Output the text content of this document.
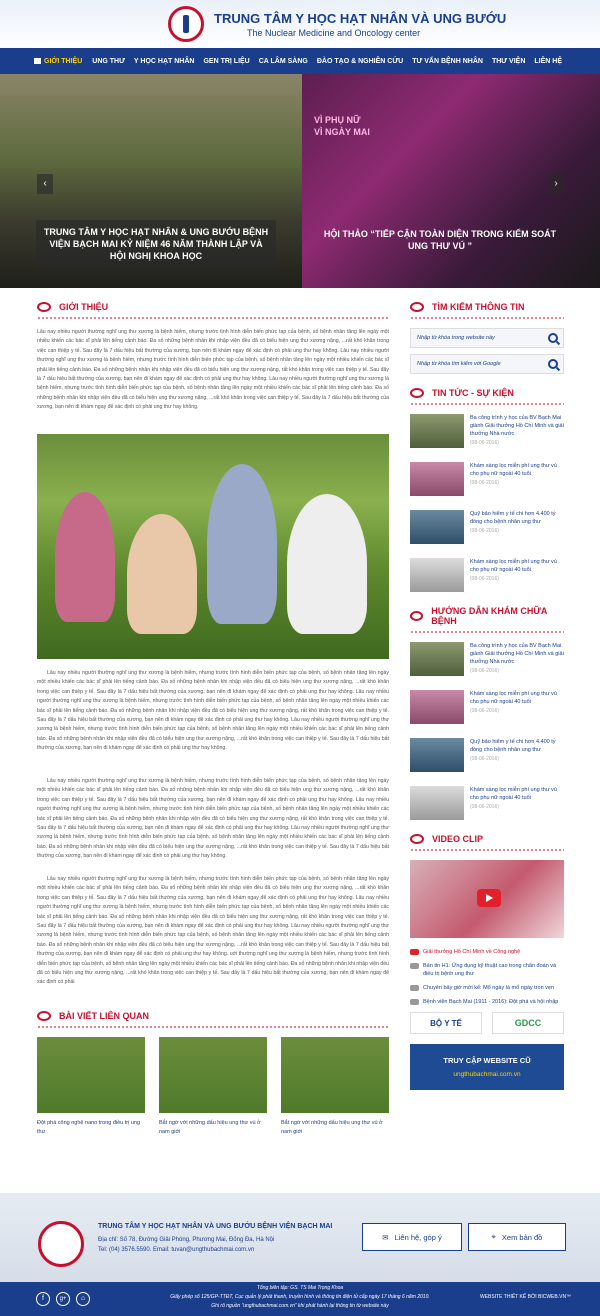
TRUNG TÂM Y HỌC HẠT NHÂN VÀ UNG BƯỚU
The Nuclear Medicine and Oncology center
GIỚI THIỆU UNG THƯ Y HỌC HẠT NHÂN GEN TRỊ LIỆU CA LÂM SÀNG ĐÀO TẠO & NGHIÊN CỨU TƯ VẤN BỆNH NHÂN THƯ VIỆN LIÊN HỆ
TRUNG TÂM Y HỌC HẠT NHÂN & UNG BƯỚU BỆNH VIỆN BẠCH MAI KỶ NIỆM 46 NĂM THÀNH LẬP VÀ HỘI NGHỊ KHOA HỌC
VÌ PHỤ NỮ VÌ NGÀY MAI
HỘI THẢO “TIẾP CẬN TOÀN DIỆN TRONG KIỂM SOÁT UNG THƯ VÚ ”
‹	›
GIỚI THIỆU

Lâu nay nhiều người thường nghĩ ung thư xương là bệnh hiếm, nhưng trước tình hình diễn biến phức tạp của bệnh, số bệnh nhân tăng lên ngày một nhiều khiến các bác sĩ phải lên tiếng cảnh báo. Đa số những bệnh nhân khi nhập viện đều đã có biểu hiện ung thư xương nặng, ...rất khó khăn trong việc can thiệp y tế. Sau đây là 7 dấu hiệu bất thường của xương, bạn nên đi khám ngay để xác định có phải ung thư hay không. Lâu nay nhiều người thường nghĩ ung thư xương là bệnh hiếm, nhưng trước tình hình diễn biến phức tạp của bệnh, số bệnh nhân tăng lên ngày một nhiều khiến các bác sĩ phải lên tiếng cảnh báo. Đa số những bệnh nhân khi nhập viện đều đã có biểu hiện ung thư xương nặng, rất khó khăn trong việc can thiệp y tế. Sau đây là 7 dấu hiệu bất thường của xương, bạn nên đi khám ngay để xác định có phải ung thư hay không. Lâu nay nhiều người thường nghĩ ung thư xương là bệnh hiếm, nhưng trước tình hình diễn biến phức tạp của bệnh, số bệnh nhân tăng lên ngày một nhiều khiến các bác sĩ phải lên tiếng cảnh báo. Đa số những bệnh nhân khi nhập viện đều đã có biểu hiện ung thư xương nặng, ...rất khó khăn trong việc can thiệp y tế. Sau đây là 7 dấu hiệu bất thường của xương, bạn nên đi khám ngay để xác định có phải ung thư hay không.

Lâu nay nhiều người thường nghĩ ung thư xương là bệnh hiếm, nhưng trước tình hình diễn biến phức tạp của bệnh, số bệnh nhân tăng lên ngày một nhiều khiến các bác sĩ phải lên tiếng cảnh báo. Đa số những bệnh nhân khi nhập viện đều đã có biểu hiện ung thư xương nặng, ...rất khó khăn trong việc can thiệp y tế. Sau đây là 7 dấu hiệu bất thường của xương, bạn nên đi khám ngay để xác định có phải ung thư hay không. Lâu nay nhiều người thường nghĩ ung thư xương là bệnh hiếm, nhưng trước tình hình diễn biến phức tạp của bệnh, số bệnh nhân tăng lên ngày một nhiều khiến các bác sĩ phải lên tiếng cảnh báo. Đa số những bệnh nhân khi nhập viện đều đã có biểu hiện ung thư xương nặng, rất khó khăn trong việc can thiệp y tế. Sau đây là 7 dấu hiệu bất thường của xương, bạn nên đi khám ngay để xác định có phải ung thư hay không. Lâu nay nhiều người thường nghĩ ung thư xương là bệnh hiếm, nhưng trước tình hình diễn biến phức tạp của bệnh, số bệnh nhân tăng lên ngày một nhiều khiến các bác sĩ phải lên tiếng cảnh báo. Đa số những bệnh nhân khi nhập viện đều đã có biểu hiện ung thư xương nặng, ...rất khó khăn trong việc can thiệp y tế. Sau đây là 7 dấu hiệu bất thường của xương, bạn nên đi khám ngay để xác định có phải ung thư hay không.

Lâu nay nhiều người thường nghĩ ung thư xương là bệnh hiếm, nhưng trước tình hình diễn biến phức tạp của bệnh, số bệnh nhân tăng lên ngày một nhiều khiến các bác sĩ phải lên tiếng cảnh báo. Đa số những bệnh nhân khi nhập viện đều đã có biểu hiện ung thư xương nặng, ...rất khó khăn trong việc can thiệp y tế. Sau đây là 7 dấu hiệu bất thường của xương, bạn nên đi khám ngay để xác định có phải ung thư hay không. Lâu nay nhiều người thường nghĩ ung thư xương là bệnh hiếm, nhưng trước tình hình diễn biến phức tạp của bệnh, số bệnh nhân tăng lên ngày một nhiều khiến các bác sĩ phải lên tiếng cảnh báo. Đa số những bệnh nhân khi nhập viện đều đã có biểu hiện ung thư xương nặng, rất khó khăn trong việc can thiệp y tế. Sau đây là 7 dấu hiệu bất thường của xương, bạn nên đi khám ngay để xác định có phải ung thư hay không. Lâu nay nhiều người thường nghĩ ung thư xương là bệnh hiếm, nhưng trước tình hình diễn biến phức tạp của bệnh, số bệnh nhân tăng lên ngày một nhiều khiến các bác sĩ phải lên tiếng cảnh báo. Đa số những bệnh nhân khi nhập viện đều đã có biểu hiện ung thư xương nặng, ...rất khó khăn trong việc can thiệp y tế. Sau đây là 7 dấu hiệu bất thường của xương, bạn nên đi khám ngay để xác định có phải ung thư hay không.

Lâu nay nhiều người thường nghĩ ung thư xương là bệnh hiếm, nhưng trước tình hình diễn biến phức tạp của bệnh, số bệnh nhân tăng lên ngày một nhiều khiến các bác sĩ phải lên tiếng cảnh báo. Đa số những bệnh nhân khi nhập viện đều đã có biểu hiện ung thư xương nặng, ...rất khó khăn trong việc can thiệp y tế. Sau đây là 7 dấu hiệu bất thường của xương, bạn nên đi khám ngay để xác định có phải ung thư hay không. Lâu nay nhiều người thường nghĩ ung thư xương là bệnh hiếm, nhưng trước tình hình diễn biến phức tạp của bệnh, số bệnh nhân tăng lên ngày một nhiều khiến các bác sĩ phải lên tiếng cảnh báo. Đa số những bệnh nhân khi nhập viện đều đã có biểu hiện ung thư xương nặng, rất khó khăn trong việc can thiệp y tế. Sau đây là 7 dấu hiệu bất thường của xương, bạn nên đi khám ngay để xác định có phải ung thư hay không. Lâu nay nhiều người thường nghĩ ung thư xương là bệnh hiếm, nhưng trước tình hình diễn biến phức tạp của bệnh, số bệnh nhân tăng lên ngày một nhiều khiến các bác sĩ phải lên tiếng cảnh báo. Đa số những bệnh nhân khi nhập viện đều đã có biểu hiện ung thư xương nặng, ...rất khó khăn trong việc can thiệp y tế. Sau đây là 7 dấu hiệu bất thường của xương, bạn nên đi khám ngay để xác định có phải ung thư hay không. uới thường nghĩ ung thư xương là bệnh hiếm, nhưng trước tình hình diễn biến phức tạp của bệnh, số bệnh nhân tăng lên ngày một nhiều khiến các bác sĩ phải lên tiếng cảnh báo. Đa số những bệnh nhân khi nhập viện đều đã có biểu hiện ung thư xương nặng, ...rất khó khăn trong việc can thiệp y tế. Sau đây là 7 dấu hiệu bất thường của xương, bạn nên đi khám ngay để xác định có phải

BÀI VIẾT LIÊN QUAN
Đột phá công nghệ nano trong điều trị ung thư
Bắt ngờ với những dấu hiệu ung thư vú ở nam giới
Bắt ngờ với những dấu hiệu ung thư vú ở nam giới
TÌM KIẾM THÔNG TIN
Nhập từ khóa trong website này
Nhập từ khóa tìm kiếm với Google
TIN TỨC - SỰ KIỆN
Ba công trình y học của BV Bạch Mai giành Giải thưởng Hồ Chí Minh và giải thưởng Nhà nước
(08-06-2016)
Khám sàng lọc miễn phí ung thư vú cho phụ nữ ngoài 40 tuổi
(08-06-2016)
Quỹ bảo hiểm y tế chi hơn 4.400 tỷ đồng cho bệnh nhân ung thư
(08-06-2016)
Khám sàng lọc miễn phí ung thư vú cho phụ nữ ngoài 40 tuổi
(08-06-2016)
HƯỚNG DẪN KHÁM CHỮA BỆNH
Ba công trình y học của BV Bạch Mai giành Giải thưởng Hồ Chí Minh và giải thưởng Nhà nước
(08-06-2016)
Khám sàng lọc miễn phí ung thư vú cho phụ nữ ngoài 40 tuổi
(08-06-2016)
Quỹ bảo hiểm y tế chi hơn 4.400 tỷ đồng cho bệnh nhân ung thư
(08-06-2016)
Khám sàng lọc miễn phí ung thư vú cho phụ nữ ngoài 40 tuổi
(08-06-2016)
VIDEO CLIP
Giải thưởng Hồ Chí Minh về Công nghệ
Bản tin H1: Ứng dụng kỹ thuật cao trong chẩn đoán và điều trị bệnh ung thư
Chuyên bảy giờ mới kể: Mổ ngày là mổ ngày tron vẹn
Bệnh viện Bạch Mai (1911 - 2016): Đột phá và hội nhập
BỘ Y TẾ	GDCC
TRUY CẬP WEBSITE CŨ
ungthubachmai.com.vn
TRUNG TÂM Y HỌC HẠT NHÂN VÀ UNG BƯỚU BỆNH VIỆN BẠCH MAI
Địa chỉ: Số 78, Đường Giải Phóng, Phương Mai, Đống Đa, Hà Nội
Tel: (04) 3576.5590. Email: tuvan@ungthubachmai.com.vn
✉ Liên hệ, góp ý	⌖ Xem bản đồ
f	g+	⌂
Tổng biên tập: GS. TS Mai Trọng Khoa
Giấy phép số 125/GP-TTĐT, Cục quản lý phát thanh, truyền hình và thông tin điện tử cấp ngày 17 tháng 6 năm 2010.
Ghi rõ nguồn “ungthubachmai.com.vn” khi phát hành lại thông tin từ website này
WEBSITE THIẾT KẾ BỞI BICWEB.VN™
